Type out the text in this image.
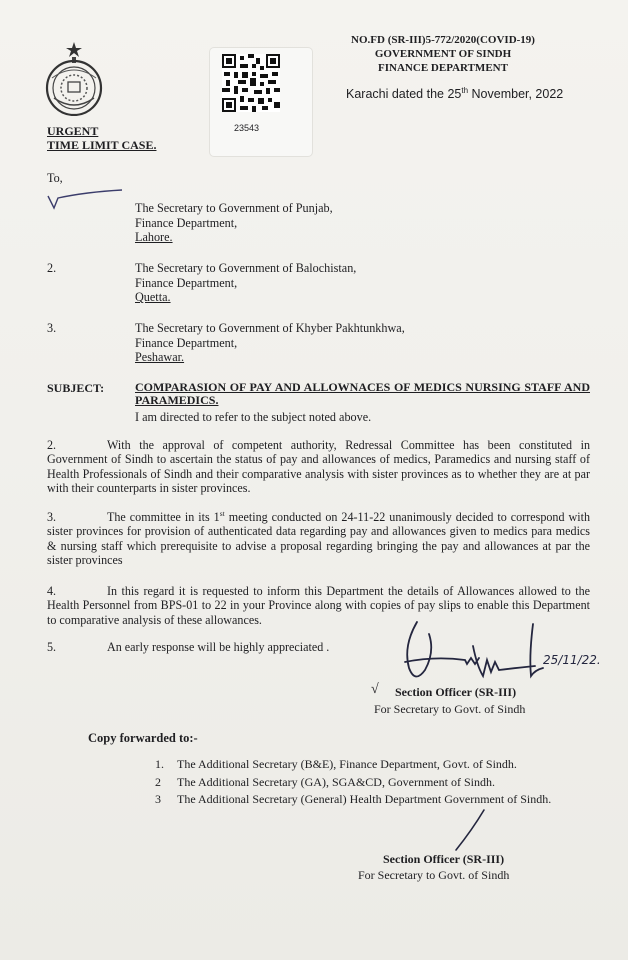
23543
NO.FD (SR-III)5-772/2020(COVID-19)
GOVERNMENT OF SINDH
FINANCE DEPARTMENT
Karachi dated the 25th November, 2022
URGENT
TIME LIMIT CASE.
To,
The Secretary to Government of Punjab,
Finance Department,
Lahore.
2.	The Secretary to Government of Balochistan,
Finance Department,
Quetta.
3.	The Secretary to Government of Khyber Pakhtunkhwa,
Finance Department,
Peshawar.
SUBJECT:	COMPARASION OF PAY AND ALLOWNACES OF MEDICS NURSING STAFF AND PARAMEDICS.
I am directed to refer to the subject noted above.
2.	With the approval of competent authority, Redressal Committee has been constituted in Government of Sindh to ascertain the status of pay and allowances of medics, Paramedics and nursing staff of Health Professionals of Sindh and their comparative analysis with sister provinces as to whether they are at par with their counterparts in sister provinces.
3.	The committee in its 1st meeting conducted on 24-11-22 unanimously decided to correspond with sister provinces for provision of authenticated data regarding pay and allowances given to medics para medics & nursing staff which prerequisite to advise a proposal regarding bringing the pay and allowances at par the sister provinces
4.	In this regard it is requested to inform this Department the details of Allowances allowed to the Health Personnel from BPS-01 to 22 in your Province along with copies of pay slips to enable this Department to comparative analysis of these allowances.
5.	An early response will be highly appreciated .
25/11/22.
√ Section Officer (SR-III)
For Secretary to Govt. of Sindh
Copy forwarded to:-
1. The Additional Secretary (B&E), Finance Department, Govt. of Sindh.
2 The Additional Secretary (GA), SGA&CD, Government of Sindh.
3 The Additional Secretary (General) Health Department Government of Sindh.
Section Officer (SR-III)
For Secretary to Govt. of Sindh
